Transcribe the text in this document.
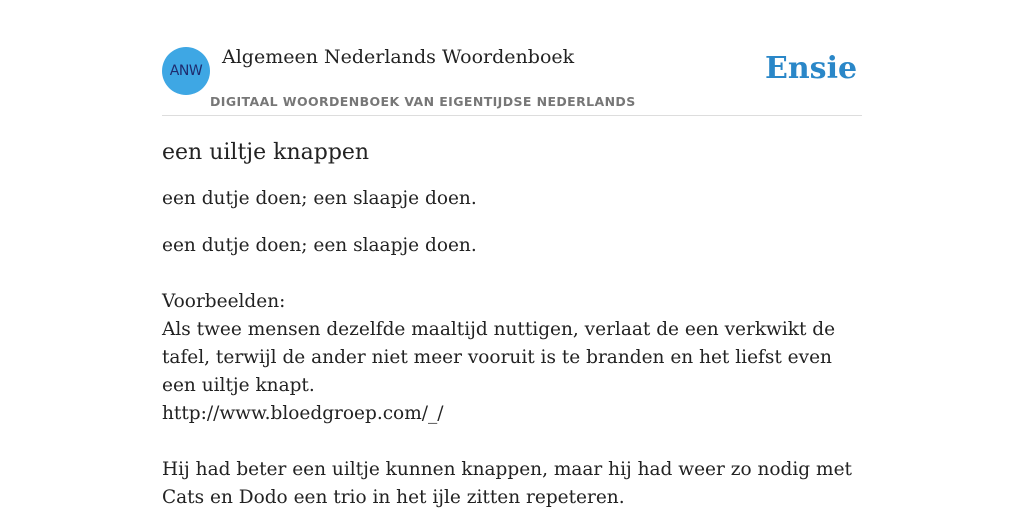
ANW
Algemeen Nederlands Woordenboek
DIGITAAL WOORDENBOEK VAN EIGENTIJDSE NEDERLANDS
Ensie
een uiltje knappen

een dutje doen; een slaapje doen.

een dutje doen; een slaapje doen.

Voorbeelden:

Als twee mensen dezelfde maaltijd nuttigen, verlaat de een verkwikt de tafel, terwijl de ander niet meer vooruit is te branden en het liefst even een uiltje knapt.

http://www.bloedgroep.com/_/

Hij had beter een uiltje kunnen knappen, maar hij had weer zo nodig met Cats en Dodo een trio in het ijle zitten repeteren.
